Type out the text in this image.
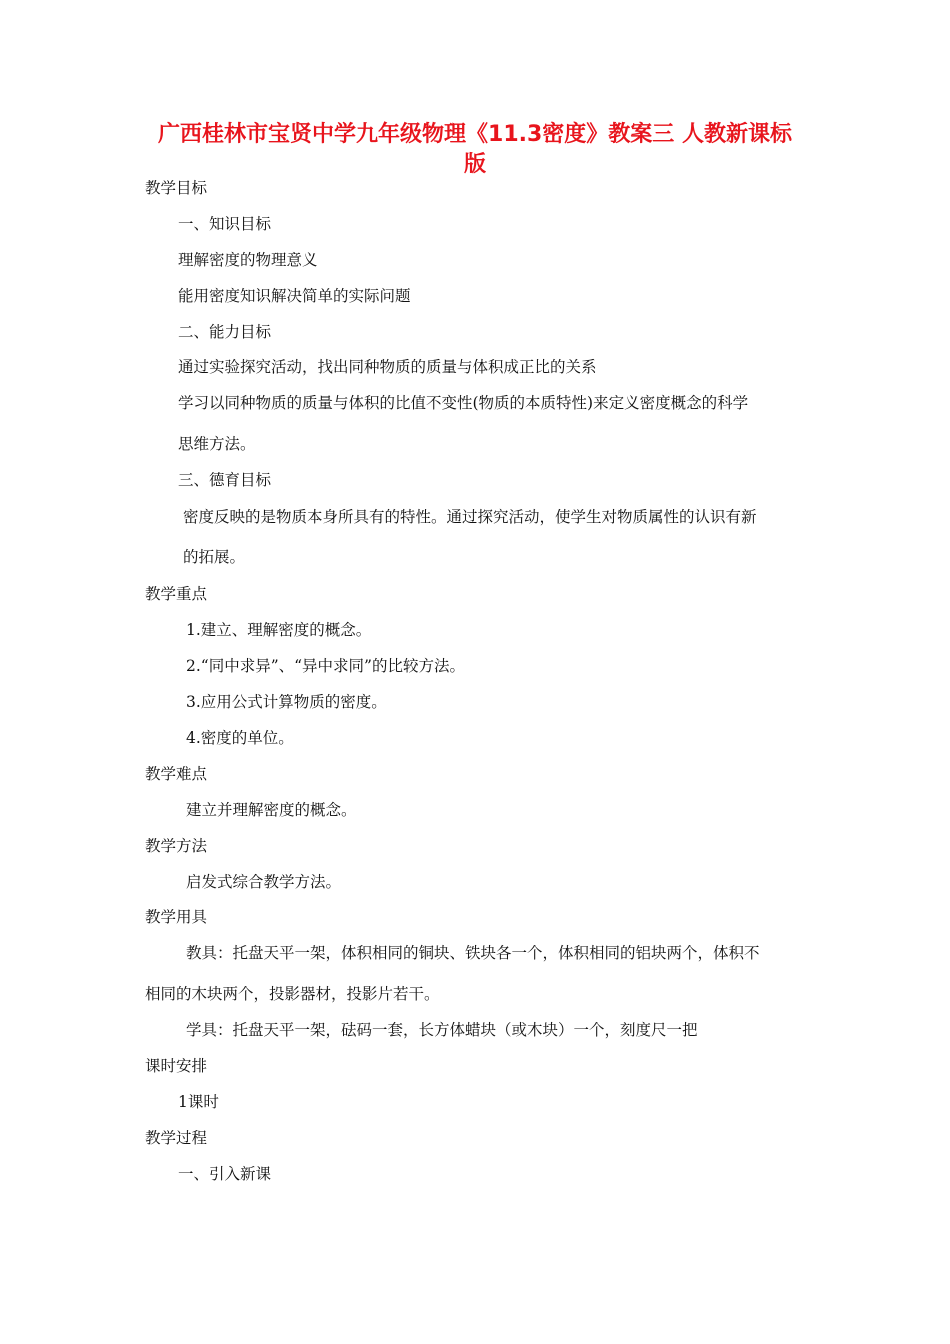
广西桂林市宝贤中学九年级物理《11.3密度》教案三 人教新课标版
教学目标
一、知识目标
理解密度的物理意义
能用密度知识解决简单的实际问题
二、能力目标
通过实验探究活动，找出同种物质的质量与体积成正比的关系
学习以同种物质的质量与体积的比值不变性(物质的本质特性)来定义密度概念的科学
思维方法。
三、德育目标
密度反映的是物质本身所具有的特性。通过探究活动，使学生对物质属性的认识有新
的拓展。
教学重点
1.建立、理解密度的概念。
2.“同中求异”、“异中求同”的比较方法。
3.应用公式计算物质的密度。
4.密度的单位。
教学难点
建立并理解密度的概念。
教学方法
启发式综合教学方法。
教学用具
教具：托盘天平一架，体积相同的铜块、铁块各一个，体积相同的铝块两个，体积不
相同的木块两个，投影器材，投影片若干。
学具：托盘天平一架，砝码一套，长方体蜡块（或木块）一个，刻度尺一把
课时安排
1课时
教学过程
一、引入新课
